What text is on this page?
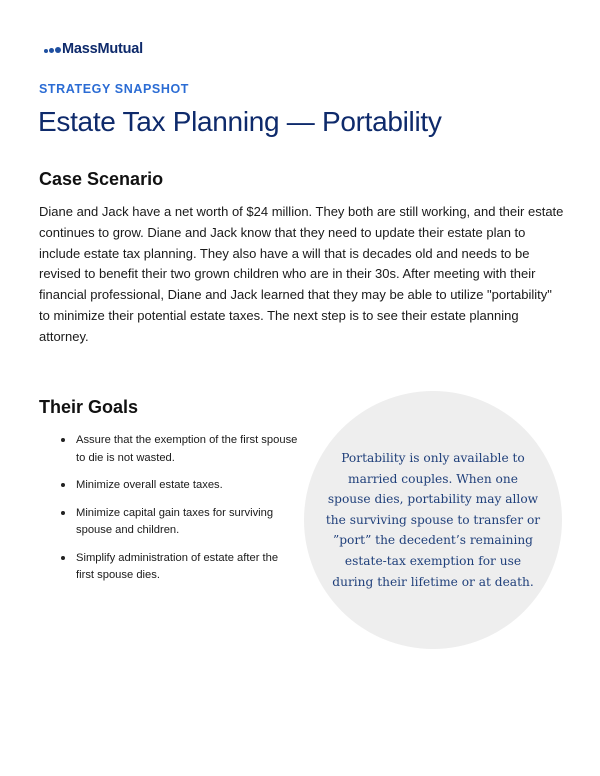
MassMutual
STRATEGY SNAPSHOT
Estate Tax Planning — Portability
Case Scenario
Diane and Jack have a net worth of $24 million. They both are still working, and their estate continues to grow. Diane and Jack know that they need to update their estate plan to include estate tax planning. They also have a will that is decades old and needs to be revised to benefit their two grown children who are in their 30s. After meeting with their financial professional, Diane and Jack learned that they may be able to utilize "portability" to minimize their potential estate taxes. The next step is to see their estate planning attorney.
Their Goals
Assure that the exemption of the first spouse to die is not wasted.
Minimize overall estate taxes.
Minimize capital gain taxes for surviving spouse and children.
Simplify administration of estate after the first spouse dies.
Portability is only available to married couples. When one spouse dies, portability may allow the surviving spouse to transfer or ”port” the decedent’s remaining estate-tax exemption for use during their lifetime or at death.
